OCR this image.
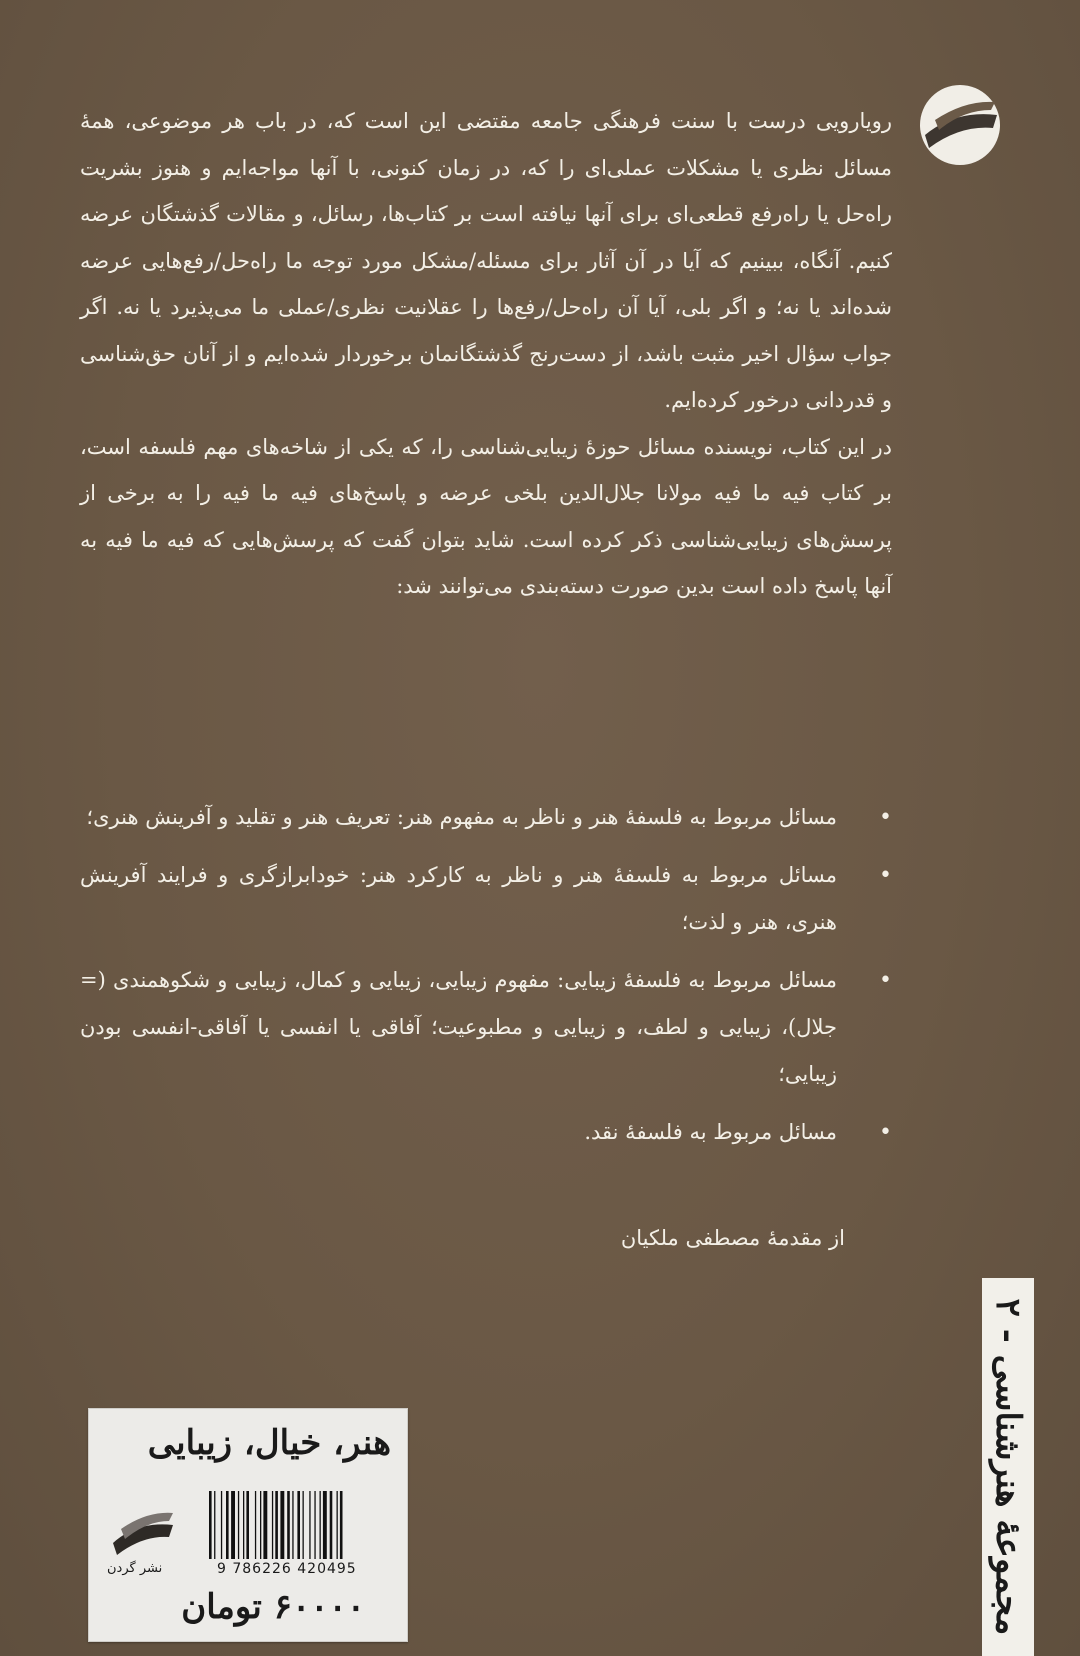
رویارویی درست با سنت فرهنگی جامعه مقتضی این است که، در باب هر موضوعی، همهٔ مسائل نظری یا مشکلات عملی‌ای را که، در زمان کنونی، با آنها مواجه‌ایم و هنوز بشریت راه‌حل یا راه‌رفع قطعی‌ای برای آنها نیافته است بر کتاب‌ها، رسائل، و مقالات گذشتگان عرضه کنیم. آنگاه، ببینیم که آیا در آن آثار برای مسئله/مشکل مورد توجه ما راه‌حل/رفع‌هایی عرضه شده‌اند یا نه؛ و اگر بلی، آیا آن راه‌حل/رفع‌ها را عقلانیت نظری/عملی ما می‌پذیرد یا نه. اگر جواب سؤال اخیر مثبت باشد، از دست‌رنج گذشتگانمان برخوردار شده‌ایم و از آنان حق‌شناسی و قدردانی درخور کرده‌ایم.

در این کتاب، نویسنده مسائل حوزهٔ زیبایی‌شناسی را، که یکی از شاخه‌های مهم فلسفه است، بر کتاب فیه ما فیه مولانا جلال‌الدین بلخی عرضه و پاسخ‌های فیه ما فیه را به برخی از پرسش‌های زیبایی‌شناسی ذکر کرده است. شاید بتوان گفت که پرسش‌هایی که فیه ما فیه به آنها پاسخ داده است بدین صورت دسته‌بندی می‌توانند شد:

•
مسائل مربوط به فلسفهٔ هنر و ناظر به مفهوم هنر: تعریف هنر و تقلید و آفرینش هنری؛
•
مسائل مربوط به فلسفهٔ هنر و ناظر به کارکرد هنر: خودابرازگری و فرایند آفرینش هنری، هنر و لذت؛
•
مسائل مربوط به فلسفهٔ زیبایی: مفهوم زیبایی، زیبایی و کمال، زیبایی و شکوهمندی (= جلال)، زیبایی و لطف، و زیبایی و مطبوعیت؛ آفاقی یا انفسی یا آفاقی-انفسی بودن زیبایی؛
•
مسائل مربوط به فلسفهٔ نقد.
از مقدمهٔ مصطفی ملکیان
مجموعهٔ هنرشناسی - ۲
هنر، خیال، زیبایی
9 786226 420495
نشر گردن
۶۰۰۰۰ تومان
